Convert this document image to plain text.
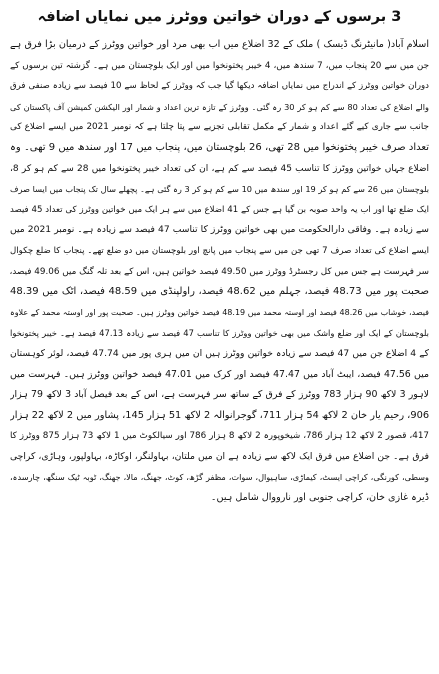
3 برسوں کے دوران خواتین ووٹرز میں نمایاں اضافہ
اسلام آباد( مانیٹرنگ ڈیسک ) ملک کے 32 اضلاع میں اب بھی مرد اور خواتین ووٹرز کے درمیان بڑا فرق ہے
جن میں سے 20 پنجاب میں، 7 سندھ میں، 4 خیبر پختونخوا میں اور ایک بلوچستان میں ہے۔ گزشتہ تین برسوں کے
دوران خواتین ووٹرز کے اندراج میں نمایاں اضافہ دیکھا گیا جب کہ ووٹرز کے لحاظ سے 10 فیصد سے زیادہ صنفی فرق
والے اضلاع کی تعداد 80 سے کم ہو کر 30 رہ گئی۔ ووٹرز کے تازہ ترین اعداد و شمار اور الیکشن کمیشن آف پاکستان کی
جانب سے جاری کیے گئے اعداد و شمار کے مکمل تقابلی تجزیے سے پتا چلتا ہے کہ نومبر 2021 میں ایسے اضلاع کی
تعداد صرف خیبر پختونخوا میں 28 تھی، 26 بلوچستان میں، پنجاب میں 17 اور سندھ میں 9 تھی۔ وہ
اضلاع جہاں خواتین ووٹرز کا تناسب 45 فیصد سے کم ہے، ان کی تعداد خیبر پختونخوا میں 28 سے کم ہو کر 8،
بلوچستان میں 26 سے کم ہو کر 19 اور سندھ میں 10 سے کم ہو کر 3 رہ گئی ہے۔ پچھلے سال تک پنجاب میں ایسا صرف
ایک ضلع تھا اور اب یہ واحد صوبہ بن گیا ہے جس کے 41 اضلاع میں سے ہر ایک میں خواتین ووٹرز کی تعداد 45 فیصد
سے زیادہ ہے۔ وفاقی دارالحکومت میں بھی خواتین ووٹرز کا تناسب 47 فیصد سے زیادہ ہے۔ نومبر 2021 میں
ایسے اضلاع کی تعداد صرف 7 تھی جن میں سے پنجاب میں پانچ اور بلوچستان میں دو ضلع تھے۔ پنجاب کا ضلع چکوال
سر فہرست ہے جس میں کل رجسٹرڈ ووٹرز میں 49.50 فیصد خواتین ہیں، اس کے بعد تلہ گنگ میں 49.06 فیصد،
صحبت پور میں 48.73 فیصد، جہلم میں 48.62 فیصد، راولپنڈی میں 48.59 فیصد، اٹک میں 48.39
فیصد، خوشاب میں 48.26 فیصد اور اوستہ محمد میں 48.19 فیصد خواتین ووٹرز ہیں۔ صحبت پور اور اوستہ محمد کے علاوہ
بلوچستان کے ایک اور ضلع واشک میں بھی خواتین ووٹرز کا تناسب 47 فیصد سے زیادہ 47.13 فیصد ہے۔ خیبر پختونخوا
کے 4 اضلاع جن میں 47 فیصد سے زیادہ خواتین ووٹرز ہیں ان میں ہری پور میں 47.74 فیصد، لوئر کوہستان
میں 47.56 فیصد، ایبٹ آباد میں 47.47 فیصد اور کرک میں 47.01 فیصد خواتین ووٹرز ہیں۔ فہرست میں
لاہور 3 لاکھ 90 ہزار 783 ووٹرز کے فرق کے ساتھ سر فہرست ہے، اس کے بعد فیصل آباد 3 لاکھ 79 ہزار
906، رحیم یار خان 2 لاکھ 54 ہزار 711، گوجرانوالہ 2 لاکھ 51 ہزار 145، پشاور میں 2 لاکھ 22 ہزار
417، قصور 2 لاکھ 12 ہزار 786، شیخوپورہ 2 لاکھ 8 ہزار 786 اور سیالکوٹ میں 1 لاکھ 73 ہزار 875 ووٹرز کا
فرق ہے۔ جن اضلاع میں فرق ایک لاکھ سے زیادہ ہے ان میں ملتان، بہاولنگر، اوکاڑہ، بہاولپور، وہاڑی، کراچی
وسطی، کورنگی، کراچی ایسٹ، کیماڑی، ساہیوال، سوات، مظفر گڑھ، کوٹ، جھنگ، مالا، جھنگ، ٹوبہ ٹیک سنگھ، چارسدہ،
ڈیرہ غازی خان، کراچی جنوبی اور نارووال شامل ہیں۔
